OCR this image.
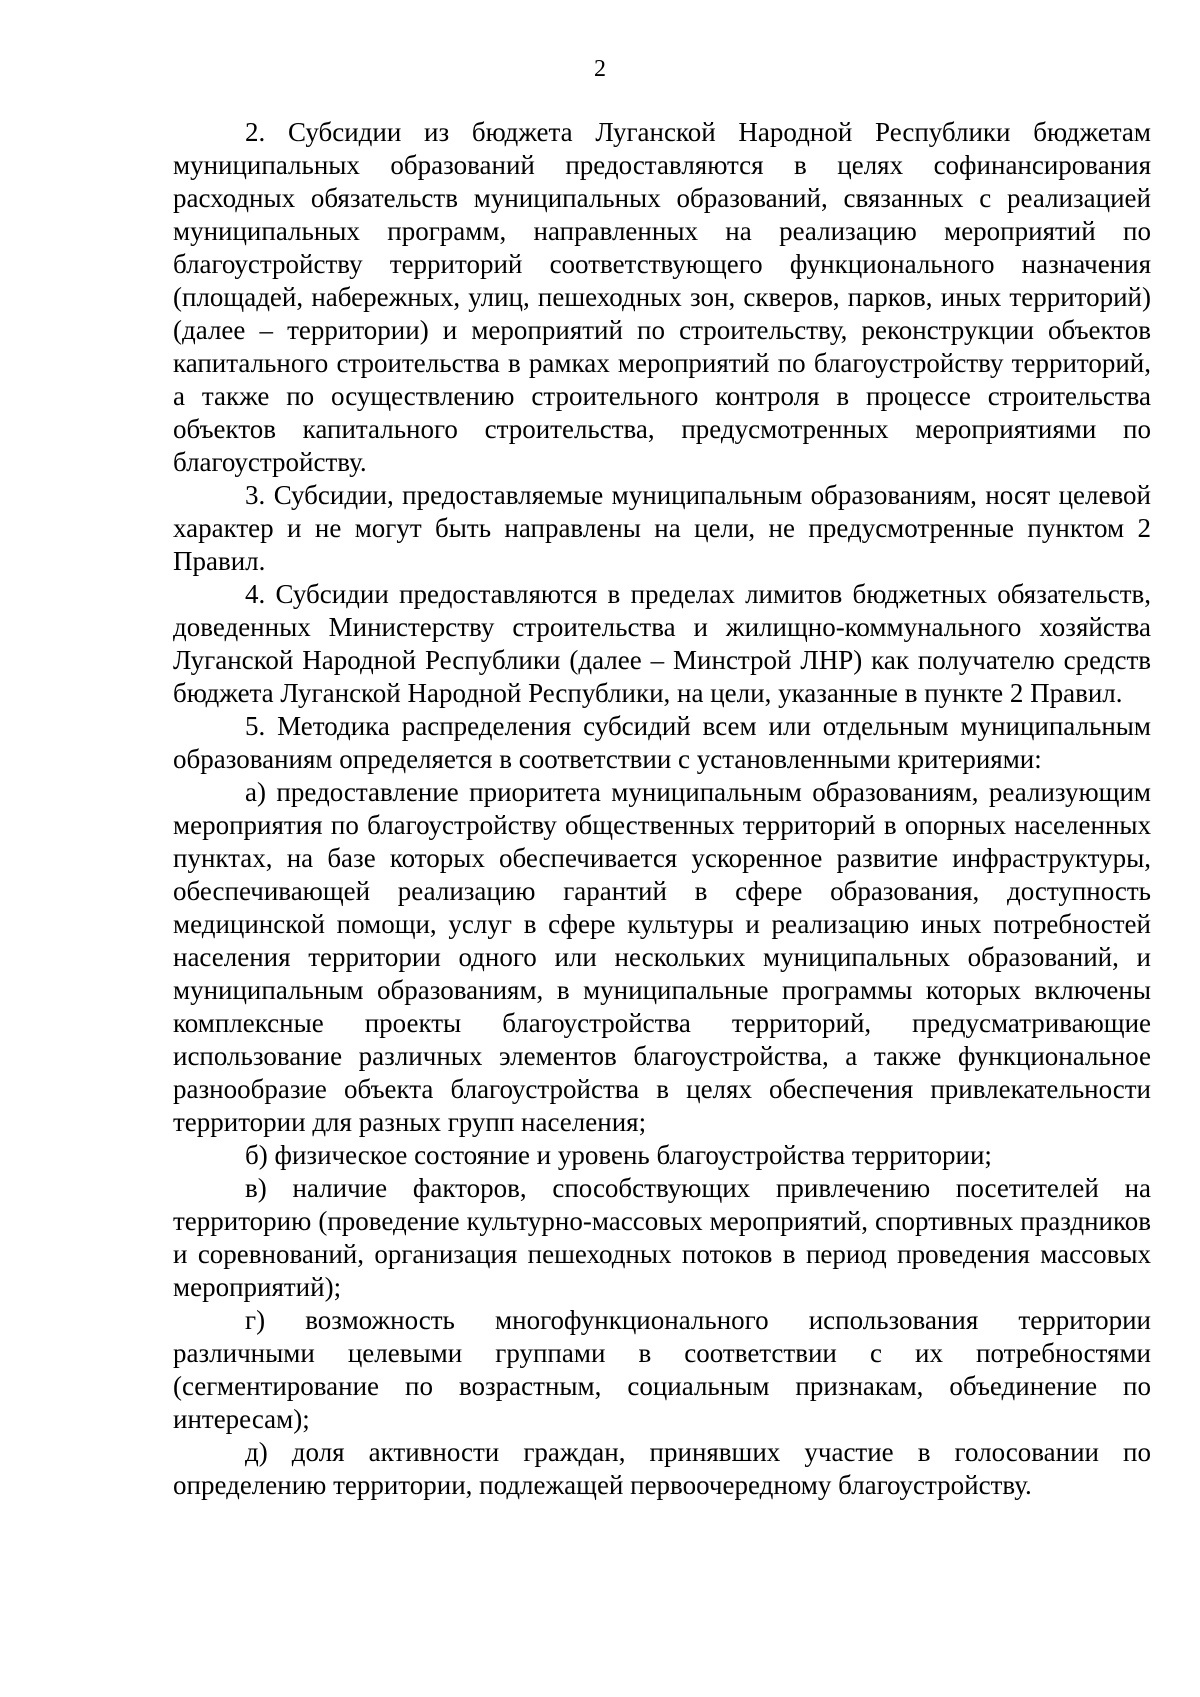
2

2. Субсидии из бюджета Луганской Народной Республики бюджетам муниципальных образований предоставляются в целях софинансирования расходных обязательств муниципальных образований, связанных с реализацией муниципальных программ, направленных на реализацию мероприятий по благоустройству территорий соответствующего функционального назначения (площадей, набережных, улиц, пешеходных зон, скверов, парков, иных территорий) (далее – территории) и мероприятий по строительству, реконструкции объектов капитального строительства в рамках мероприятий по благоустройству территорий, а также по осуществлению строительного контроля в процессе строительства объектов капитального строительства, предусмотренных мероприятиями по благоустройству.

3. Субсидии, предоставляемые муниципальным образованиям, носят целевой характер и не могут быть направлены на цели, не предусмотренные пунктом 2 Правил.

4. Субсидии предоставляются в пределах лимитов бюджетных обязательств, доведенных Министерству строительства и жилищно-коммунального хозяйства Луганской Народной Республики (далее – Минстрой ЛНР) как получателю средств бюджета Луганской Народной Республики, на цели, указанные в пункте 2 Правил.

5. Методика распределения субсидий всем или отдельным муниципальным образованиям определяется в соответствии с установленными критериями:

а) предоставление приоритета муниципальным образованиям, реализующим мероприятия по благоустройству общественных территорий в опорных населенных пунктах, на базе которых обеспечивается ускоренное развитие инфраструктуры, обеспечивающей реализацию гарантий в сфере образования, доступность медицинской помощи, услуг в сфере культуры и реализацию иных потребностей населения территории одного или нескольких муниципальных образований, и муниципальным образованиям, в муниципальные программы которых включены комплексные проекты благоустройства территорий, предусматривающие использование различных элементов благоустройства, а также функциональное разнообразие объекта благоустройства в целях обеспечения привлекательности территории для разных групп населения;

б) физическое состояние и уровень благоустройства территории;

в) наличие факторов, способствующих привлечению посетителей на территорию (проведение культурно-массовых мероприятий, спортивных праздников и соревнований, организация пешеходных потоков в период проведения массовых мероприятий);

г) возможность многофункционального использования территории различными целевыми группами в соответствии с их потребностями (сегментирование по возрастным, социальным признакам, объединение по интересам);

д) доля активности граждан, принявших участие в голосовании по определению территории, подлежащей первоочередному благоустройству.
